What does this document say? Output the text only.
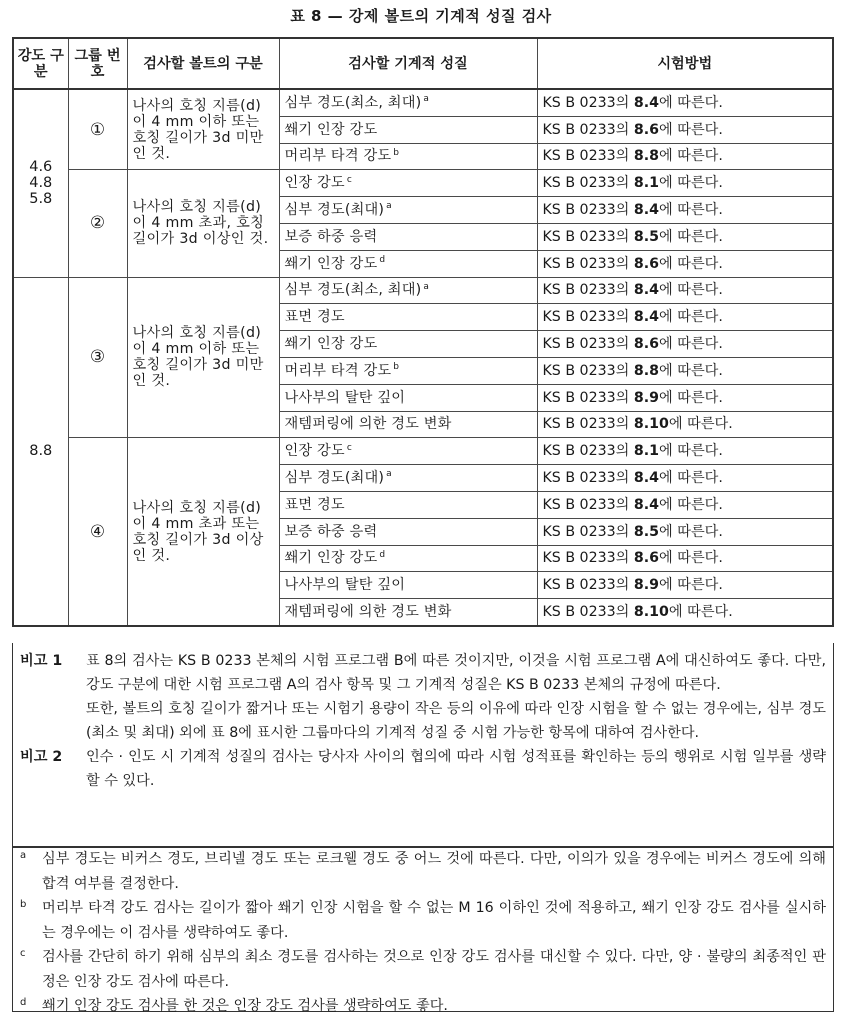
표 8 — 강제 볼트의 기계적 성질 검사
강도 구분	그룹 번호	검사할 볼트의 구분	검사할 기계적 성질	시험방법
4.6 4.8 5.8	①	나사의 호칭 지름(d)이 4 mm 이하 또는 호칭 길이가 3d 미만인 것.	심부 경도(최소, 최대) $^a$	KS B 0233의 8.4에 따른다.
			쐐기 인장 강도	KS B 0233의 8.6에 따른다.
			머리부 타격 강도 $^b$	KS B 0233의 8.8에 따른다.
	②	나사의 호칭 지름(d)이 4 mm 초과, 호칭 길이가 3d 이상인 것.	인장 강도 $^c$	KS B 0233의 8.1에 따른다.
			심부 경도(최대) $^a$	KS B 0233의 8.4에 따른다.
			보증 하중 응력	KS B 0233의 8.5에 따른다.
			쐐기 인장 강도 $^d$	KS B 0233의 8.6에 따른다.
8.8	③	나사의 호칭 지름(d)이 4 mm 이하 또는 호칭 길이가 3d 미만인 것.	심부 경도(최소, 최대) $^a$	KS B 0233의 8.4에 따른다.
			표면 경도	KS B 0233의 8.4에 따른다.
			쐐기 인장 강도	KS B 0233의 8.6에 따른다.
			머리부 타격 강도 $^b$	KS B 0233의 8.8에 따른다.
			나사부의 탈탄 깊이	KS B 0233의 8.9에 따른다.
			재템퍼링에 의한 경도 변화	KS B 0233의 8.10에 따른다.
	④	나사의 호칭 지름(d)이 4 mm 초과 또는 호칭 길이가 3d 이상인 것.	인장 강도 $^c$	KS B 0233의 8.1에 따른다.
			심부 경도(최대) $^a$	KS B 0233의 8.4에 따른다.
			표면 경도	KS B 0233의 8.4에 따른다.
			보증 하중 응력	KS B 0233의 8.5에 따른다.
			쐐기 인장 강도 $^d$	KS B 0233의 8.6에 따른다.
			나사부의 탈탄 깊이	KS B 0233의 8.9에 따른다.
			재템퍼링에 의한 경도 변화	KS B 0233의 8.10에 따른다.
비고 1	표 8의 검사는 KS B 0233 본체의 시험 프로그램 B에 따른 것이지만, 이것을 시험 프로그램 A에 대신하여도 좋다. 다만, 강도 구분에 대한 시험 프로그램 A의 검사 항목 및 그 기계적 성질은 KS B 0233 본체의 규정에 따른다.

또한, 볼트의 호칭 길이가 짧거나 또는 시험기 용량이 작은 등의 이유에 따라 인장 시험을 할 수 없는 경우에는, 심부 경도(최소 및 최대) 외에 표 8에 표시한 그룹마다의 기계적 성질 중 시험 가능한 항목에 대하여 검사한다.

비고 2	인수 · 인도 시 기계적 성질의 검사는 당사자 사이의 협의에 따라 시험 성적표를 확인하는 등의 행위로 시험 일부를 생략할 수 있다.

a	심부 경도는 비커스 경도, 브리넬 경도 또는 로크웰 경도 중 어느 것에 따른다. 다만, 이의가 있을 경우에는 비커스 경도에 의해 합격 여부를 결정한다.
b	머리부 타격 강도 검사는 길이가 짧아 쐐기 인장 시험을 할 수 없는 M 16 이하인 것에 적용하고, 쐐기 인장 강도 검사를 실시하는 경우에는 이 검사를 생략하여도 좋다.
c	검사를 간단히 하기 위해 심부의 최소 경도를 검사하는 것으로 인장 강도 검사를 대신할 수 있다. 다만, 양 · 불량의 최종적인 판정은 인장 강도 검사에 따른다.
d	쐐기 인장 강도 검사를 한 것은 인장 강도 검사를 생략하여도 좋다.
